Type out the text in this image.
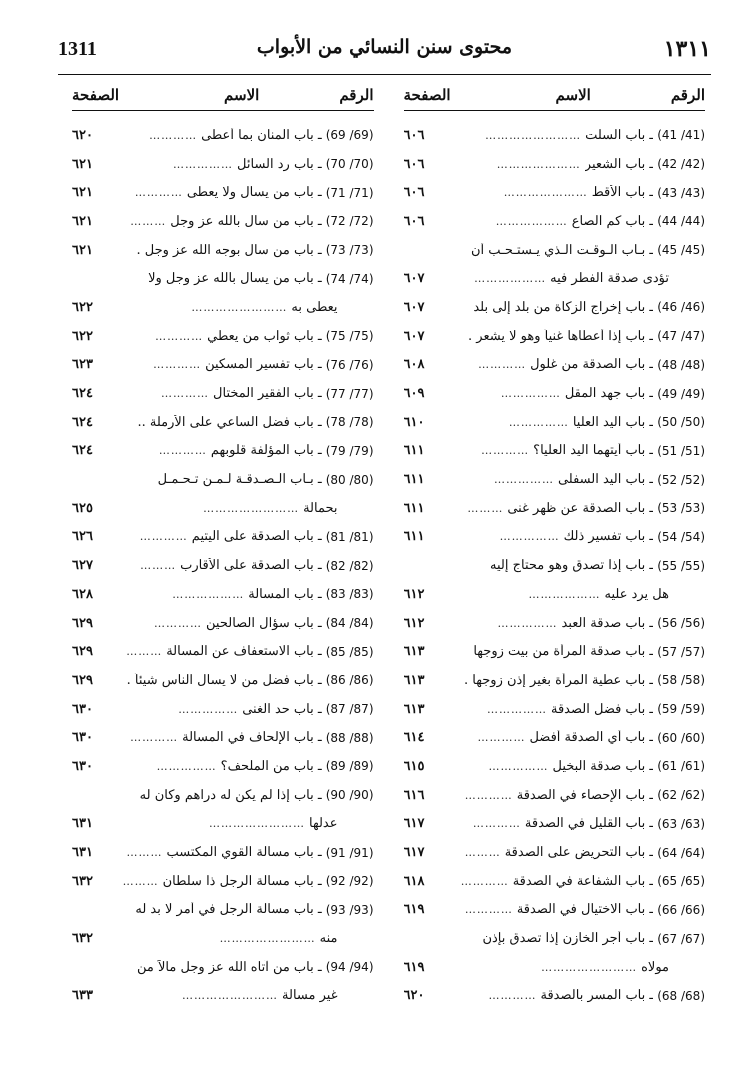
1311	محتوى سنن النسائي من الأبواب	١٣١١
الرقم
الاسم
الصفحة
(41/ 41)
ـ باب السلت
……………………
٦٠٦
(42/ 42)
ـ باب الشعير
…………………
٦٠٦
(43/ 43)
ـ باب الأقط
…………………
٦٠٦
(44/ 44)
ـ باب كم الصاع
………………
٦٠٦
(45/ 45)
ـ بـاب الـوقـت الـذي يـستـحـب أن
تؤدى صدقة الفطر فيه
………………
٦٠٧
(46/ 46)
ـ باب إخراج الزكاة من بلد إلى بلد
٦٠٧
(47/ 47)
ـ باب إذا أعطاها غنياً وهو لا يشعر .
٦٠٧
(48/ 48)
ـ باب الصدقة من غلول
…………
٦٠٨
(49/ 49)
ـ باب جهد المقل
……………
٦٠٩
(50/ 50)
ـ باب اليد العليا
……………
٦١٠
(51/ 51)
ـ باب أيتهما اليد العليا؟
…………
٦١١
(52/ 52)
ـ باب اليد السفلى
……………
٦١١
(53/ 53)
ـ باب الصدقة عن ظهر غنى
………
٦١١
(54/ 54)
ـ باب تفسير ذلك
……………
٦١١
(55/ 55)
ـ باب إذا تصدق وهو محتاج إليه
هل يرد عليه
………………
٦١٢
(56/ 56)
ـ باب صدقة العبد
……………
٦١٢
(57/ 57)
ـ باب صدقة المرأة من بيت زوجها
٦١٣
(58/ 58)
ـ باب عطية المرأة بغير إذن زوجها .
٦١٣
(59/ 59)
ـ باب فضل الصدقة
……………
٦١٣
(60/ 60)
ـ باب أي الصدقة أفضل
…………
٦١٤
(61/ 61)
ـ باب صدقة البخيل
……………
٦١٥
(62/ 62)
ـ باب الإحصاء في الصدقة
…………
٦١٦
(63/ 63)
ـ باب القليل في الصدقة
…………
٦١٧
(64/ 64)
ـ باب التحريض على الصدقة
………
٦١٧
(65/ 65)
ـ باب الشفاعة في الصدقة
…………
٦١٨
(66/ 66)
ـ باب الاختيال في الصدقة
…………
٦١٩
(67/ 67)
ـ باب أجر الخازن إذا تصدق بإذن
مولاه
……………………
٦١٩
(68/ 68)
ـ باب المسر بالصدقة
…………
٦٢٠
الرقم
الاسم
الصفحة
(69/ 69)
ـ باب المنان بما أعطى
…………
٦٢٠
(70/ 70)
ـ باب رد السائل
……………
٦٢١
(71/ 71)
ـ باب من يسأل ولا يعطى
…………
٦٢١
(72/ 72)
ـ باب من سأل بالله عز وجل
………
٦٢١
(73/ 73)
ـ باب من سأل بوجه الله عز وجل .
٦٢١
(74/ 74)
ـ باب من يسأل بالله عز وجل ولا
يعطى به
……………………
٦٢٢
(75/ 75)
ـ باب ثواب من يعطي
…………
٦٢٢
(76/ 76)
ـ باب تفسير المسكين
…………
٦٢٣
(77/ 77)
ـ باب الفقير المختال
…………
٦٢٤
(78/ 78)
ـ باب فضل الساعي على الأرملة ..
٦٢٤
(79/ 79)
ـ باب المؤلفة قلوبهم
…………
٦٢٤
(80/ 80)
ـ بـاب الـصـدقـة لـمـن تـحـمـل
بحمالة
……………………
٦٢٥
(81/ 81)
ـ باب الصدقة على اليتيم
…………
٦٢٦
(82/ 82)
ـ باب الصدقة على الأقارب
………
٦٢٧
(83/ 83)
ـ باب المسألة
………………
٦٢٨
(84/ 84)
ـ باب سؤال الصالحين
…………
٦٢٩
(85/ 85)
ـ باب الاستعفاف عن المسألة
………
٦٢٩
(86/ 86)
ـ باب فضل من لا يسأل الناس شيئاً .
٦٢٩
(87/ 87)
ـ باب حد الغنى
……………
٦٣٠
(88/ 88)
ـ باب الإلحاف في المسألة
…………
٦٣٠
(89/ 89)
ـ باب من الملحف؟
……………
٦٣٠
(90/ 90)
ـ باب إذا لم يكن له دراهم وكان له
عدلها
……………………
٦٣١
(91/ 91)
ـ باب مسألة القوي المكتسب
………
٦٣١
(92/ 92)
ـ باب مسألة الرجل ذا سلطان
………
٦٣٢
(93/ 93)
ـ باب مسألة الرجل في أمر لا بد له
منه
……………………
٦٣٢
(94/ 94)
ـ باب من آتاه الله عز وجل مالاً من
غير مسألة
……………………
٦٣٣
